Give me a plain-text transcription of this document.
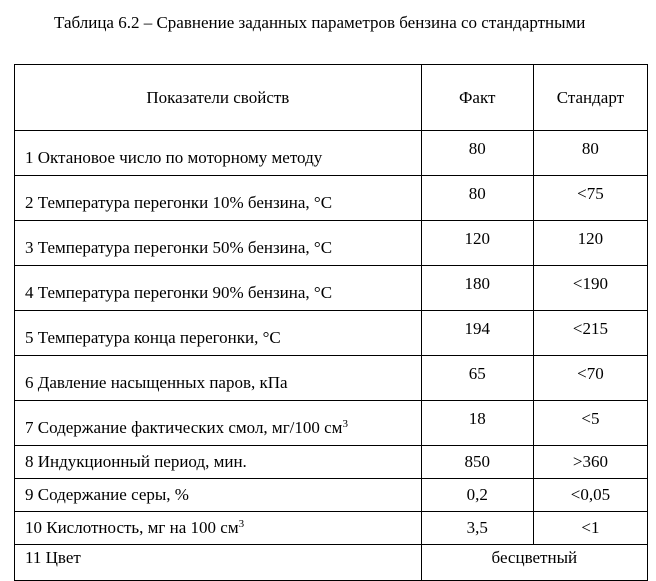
Таблица 6.2 – Сравнение заданных параметров бензина со стандартными
Показатели свойств	Факт	Стандарт
1 Октановое число по моторному методу	80	80
2 Температура перегонки 10% бензина, °С	80	<75
3 Температура перегонки 50% бензина, °С	120	120
4 Температура перегонки 90% бензина, °С	180	<190
5 Температура конца перегонки, °С	194	<215
6 Давление насыщенных паров, кПа	65	<70
7 Содержание фактических смол, мг/100 $см^3$	18	<5
8 Индукционный период, мин.	850	>360
9 Содержание серы, %	0,2	<0,05
10 Кислотность, мг на 100 $см^3$	3,5	<1
11 Цвет	бесцветный	
